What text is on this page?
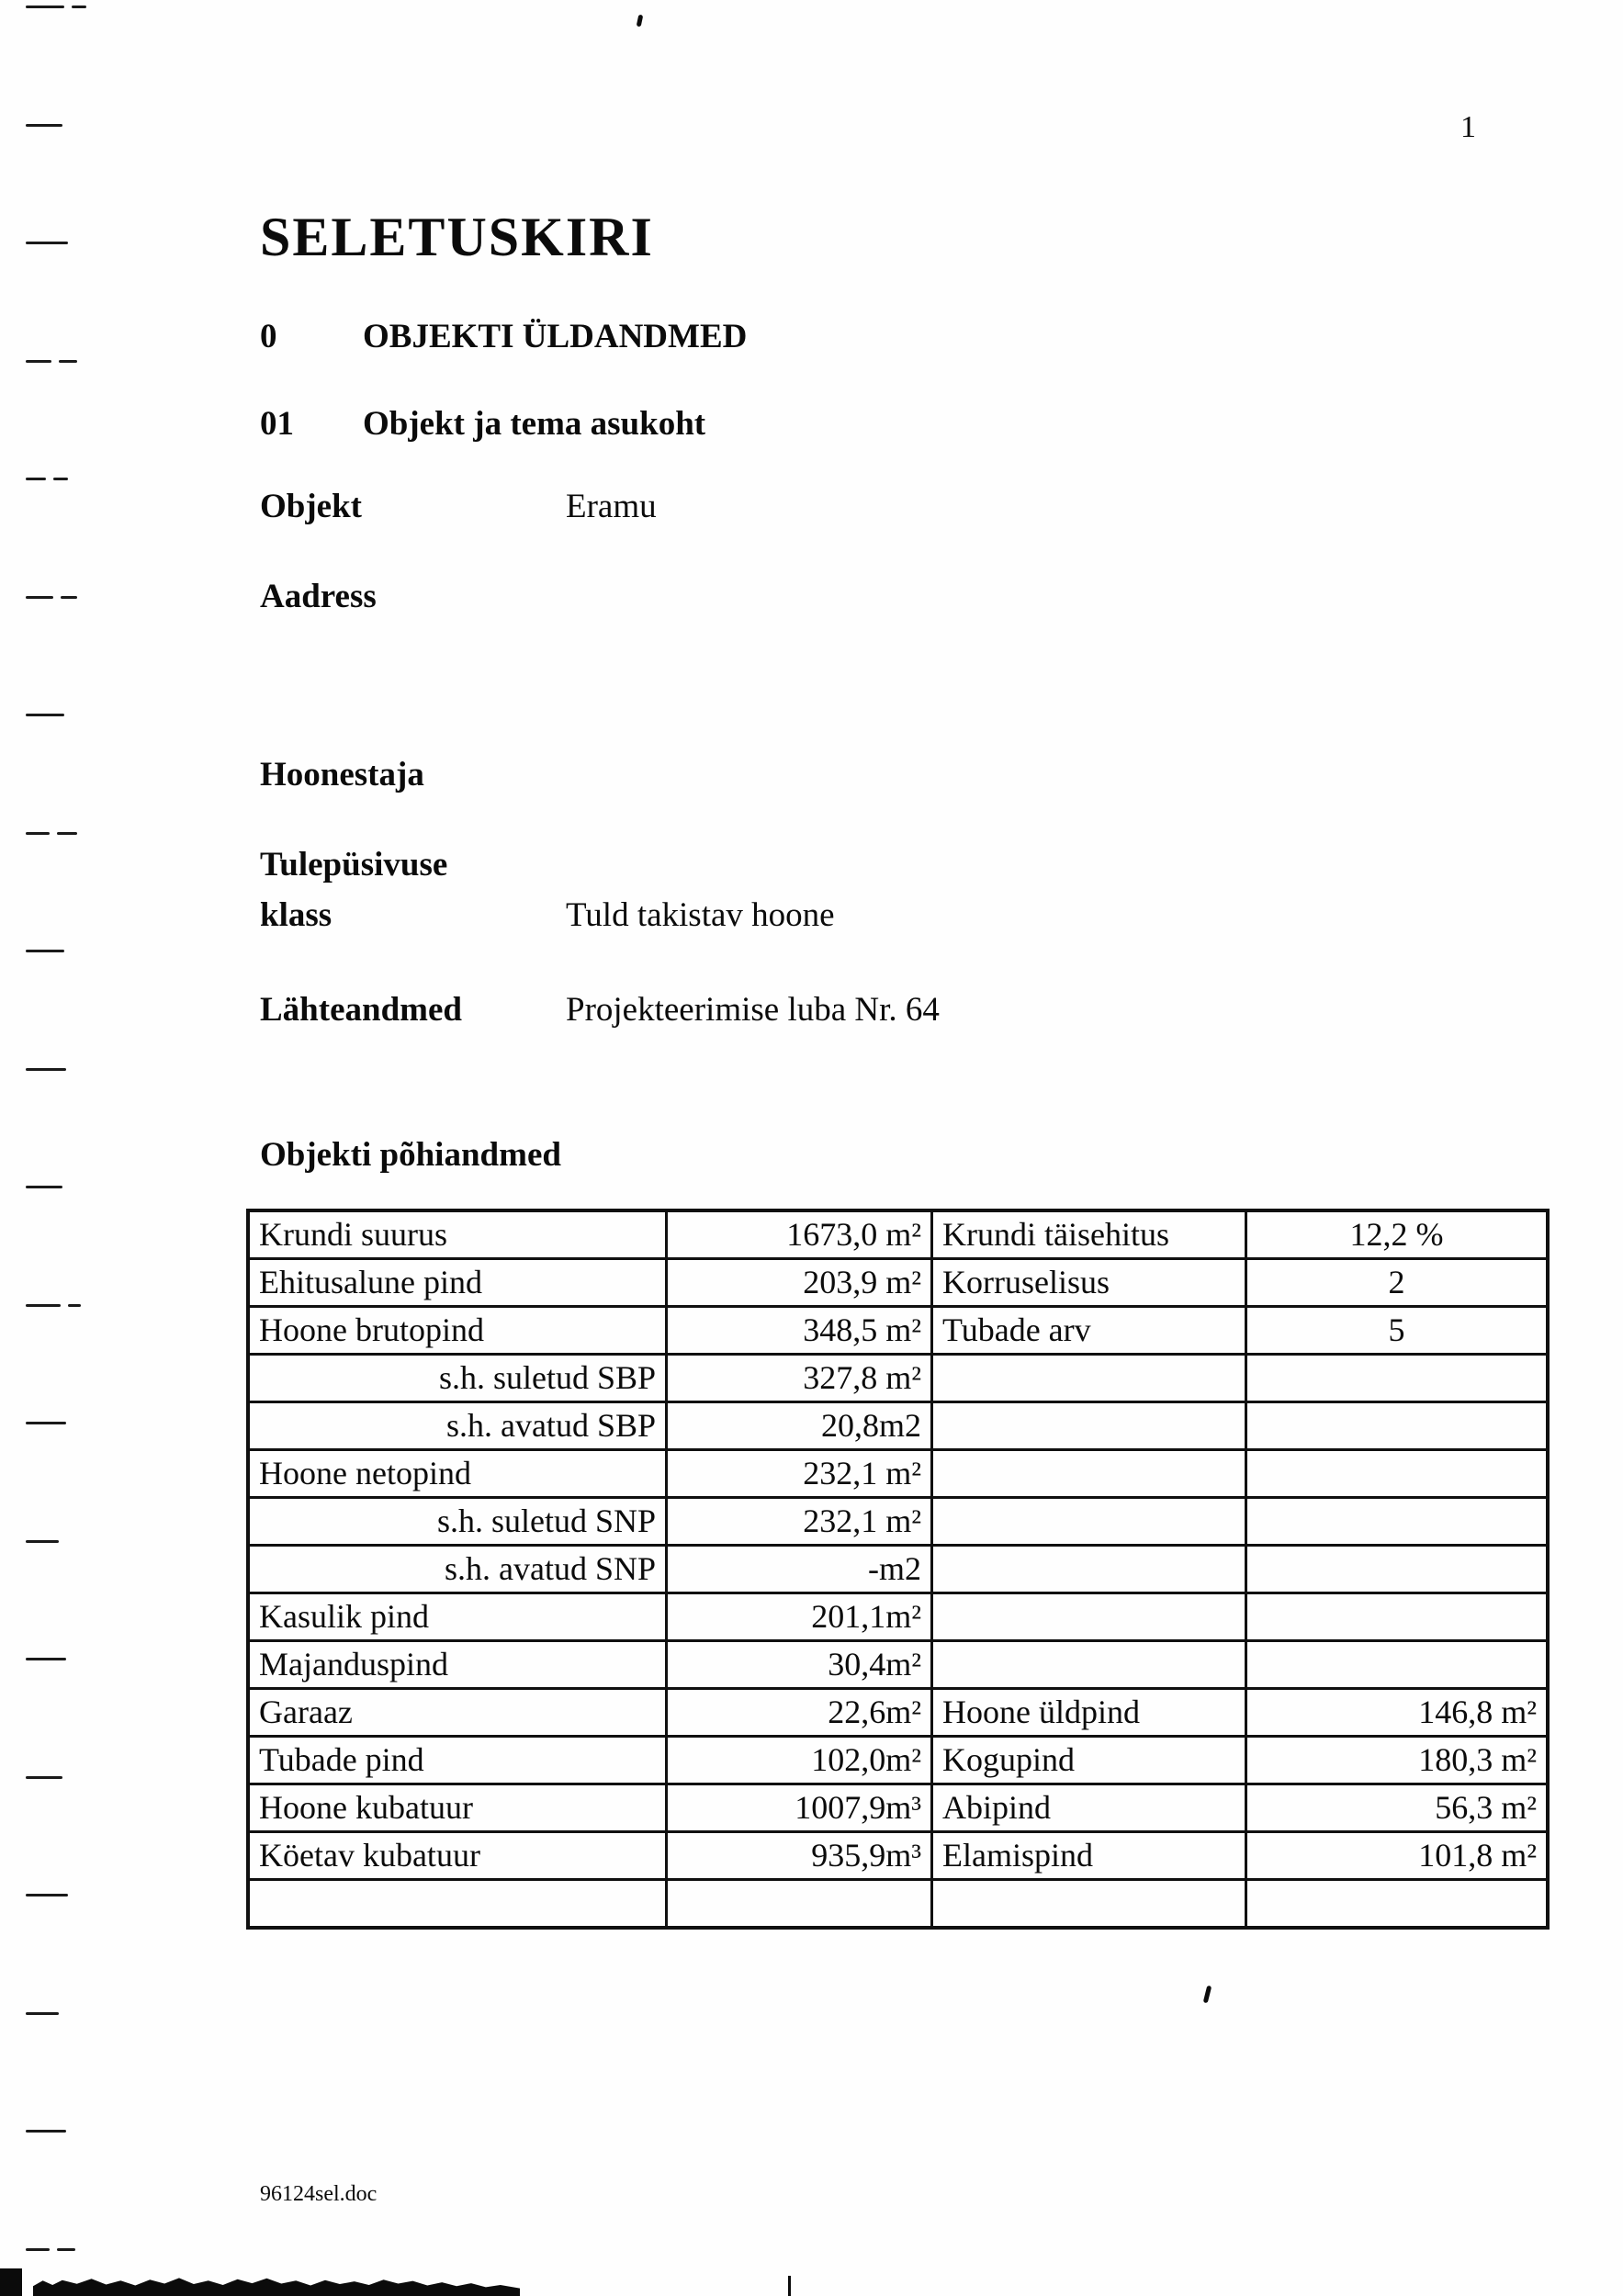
1
SELETUSKIRI
0	OBJEKTI ÜLDANDMED
01	Objekt ja tema asukoht
Objekt	Eramu
Aadress
Hoonestaja
Tulepüsivuse
klass	Tuld takistav hoone
Lähteandmed	Projekteerimise luba Nr. 64
Objekti põhiandmed
Krundi suurus	1673,0 m²	Krundi täisehitus	12,2 %
Ehitusalune pind	203,9 m²	Korruselisus	2
Hoone brutopind	348,5 m²	Tubade arv	5
s.h. suletud SBP	327,8 m²		
s.h. avatud SBP	20,8m2		
Hoone netopind	232,1 m²		
s.h. suletud SNP	232,1 m²		
s.h. avatud SNP	-m2		
Kasulik pind	201,1m²		
Majanduspind	30,4m²		
Garaaz	22,6m²	Hoone üldpind	146,8 m²
Tubade pind	102,0m²	Kogupind	180,3 m²
Hoone kubatuur	1007,9m³	Abipind	56,3 m²
Köetav kubatuur	935,9m³	Elamispind	101,8 m²

96124sel.doc
